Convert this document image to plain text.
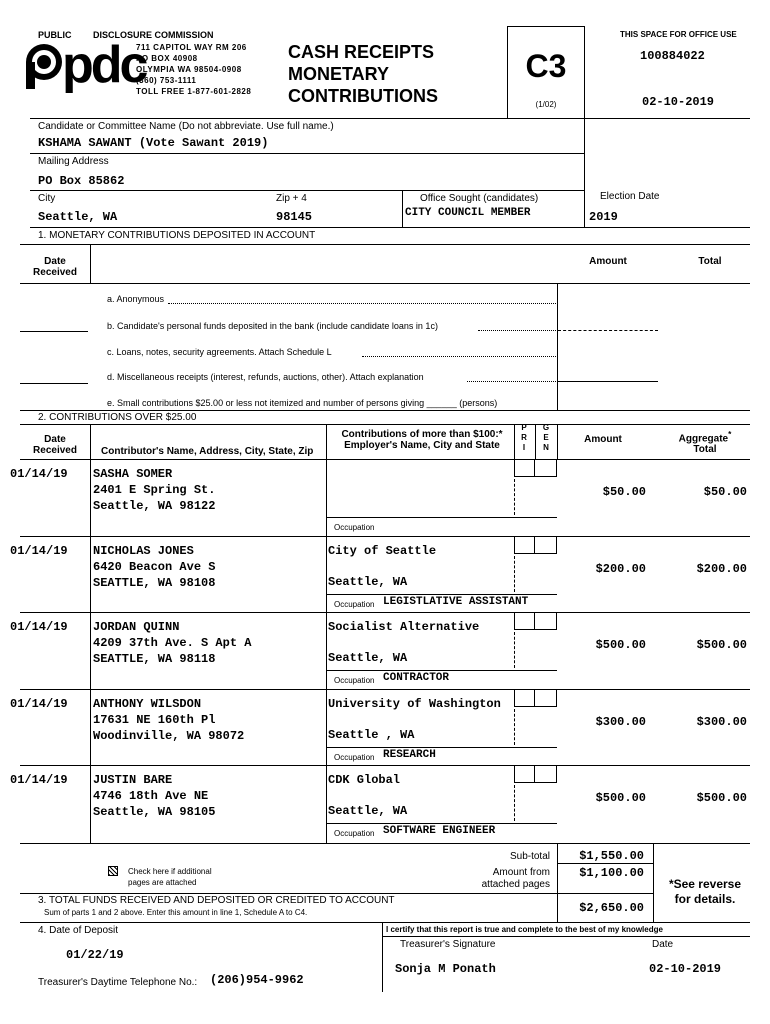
PUBLIC DISCLOSURE COMMISSION
pdc
711 CAPITOL WAY RM 206
PO BOX 40908
OLYMPIA WA 98504-0908
(360) 753-1111
TOLL FREE 1-877-601-2828
CASH RECEIPTS
MONETARY
CONTRIBUTIONS
C3
(1/02)
THIS SPACE FOR OFFICE USE
100884022
02-10-2019
Candidate or Committee Name (Do not abbreviate. Use full name.)
KSHAMA SAWANT (Vote Sawant 2019)
Mailing Address
PO Box 85862
City
Seattle, WA
Zip + 4
98145
Office Sought (candidates)
CITY COUNCIL MEMBER
Election Date
2019
1. MONETARY CONTRIBUTIONS DEPOSITED IN ACCOUNT
Date
Received
Amount	Total
a. Anonymous
b. Candidate's personal funds deposited in the bank (include candidate loans in 1c)
c. Loans, notes, security agreements. Attach Schedule L
d. Miscellaneous receipts (interest, refunds, auctions, other). Attach explanation
e. Small contributions $25.00 or less not itemized and number of persons giving ______ (persons)
2. CONTRIBUTIONS OVER $25.00
Date
Received	Contributor's Name, Address, City, State, Zip
Contributions of more than $100:*
Employer's Name, City and State
P
R
I
G
E
N
Amount	Aggregate*
Total
01/14/19 SASHA SOMER
2401 E Spring St.
Seattle, WA 98122
$50.00	$50.00
Occupation
01/14/19 NICHOLAS JONES
6420 Beacon Ave S
SEATTLE, WA 98108
City of Seattle
Seattle, WA
$200.00	$200.00
Occupation LEGISTLATIVE ASSISTANT
01/14/19 JORDAN QUINN
4209 37th Ave. S Apt A
SEATTLE, WA 98118
Socialist Alternative
Seattle, WA
$500.00	$500.00
Occupation CONTRACTOR
01/14/19 ANTHONY WILSDON
17631 NE 160th Pl
Woodinville, WA 98072
University of Washington
Seattle , WA
$300.00	$300.00
Occupation RESEARCH
01/14/19 JUSTIN BARE
4746 18th Ave NE
Seattle, WA 98105
CDK Global
Seattle, WA
$500.00	$500.00
Occupation SOFTWARE ENGINEER
Check here if additional
pages are attached
Sub-total
Amount from
attached pages
$1,550.00
$1,100.00
*See reverse
for details.
3. TOTAL FUNDS RECEIVED AND DEPOSITED OR CREDITED TO ACCOUNT
Sum of parts 1 and 2 above. Enter this amount in line 1, Schedule A to C4.	$2,650.00
4. Date of Deposit
01/22/19
I certify that this report is true and complete to the best of my knowledge
Treasurer's Signature	Date
Sonja M Ponath	02-10-2019
Treasurer's Daytime Telephone No.: (206)954-9962
